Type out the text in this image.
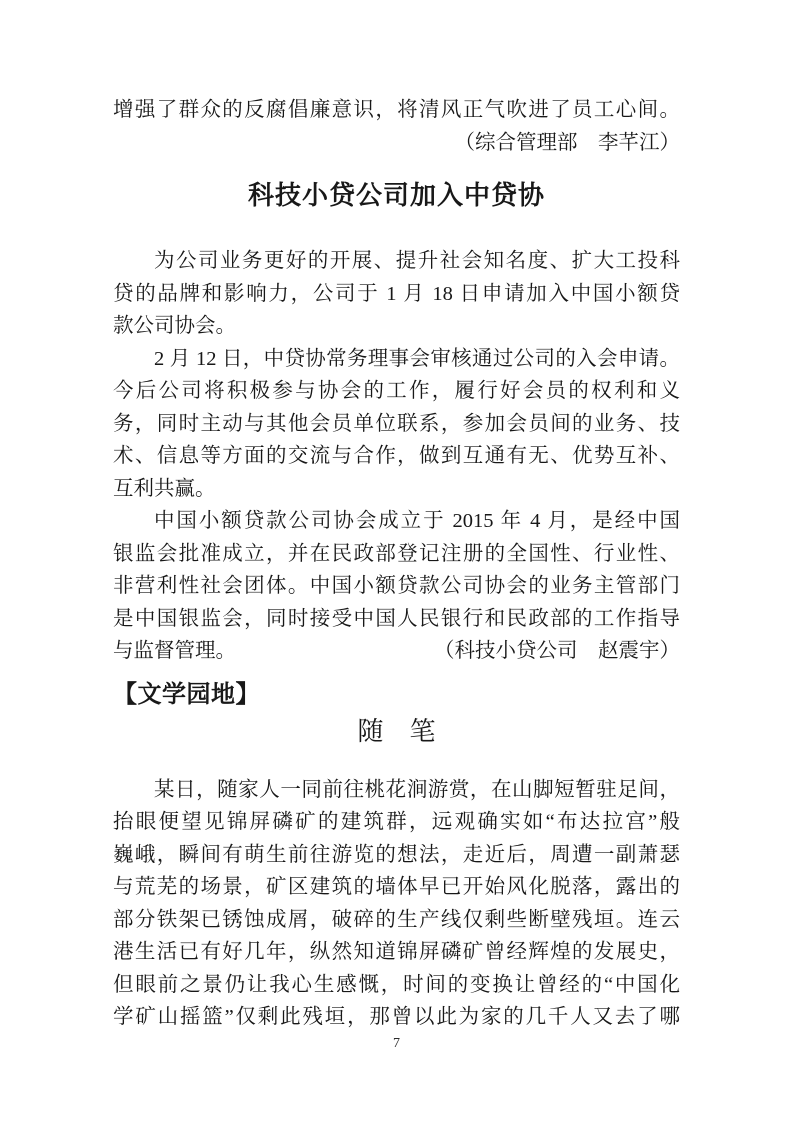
增强了群众的反腐倡廉意识，将清风正气吹进了员工心间。
（综合管理部　李芊江）
科技小贷公司加入中贷协
为公司业务更好的开展、提升社会知名度、扩大工投科
贷的品牌和影响力，公司于 1 月 18 日申请加入中国小额贷
款公司协会。
2 月 12 日，中贷协常务理事会审核通过公司的入会申请。
今后公司将积极参与协会的工作，履行好会员的权利和义
务，同时主动与其他会员单位联系，参加会员间的业务、技
术、信息等方面的交流与合作，做到互通有无、优势互补、
互利共赢。
中国小额贷款公司协会成立于 2015 年 4 月，是经中国
银监会批准成立，并在民政部登记注册的全国性、行业性、
非营利性社会团体。中国小额贷款公司协会的业务主管部门
是中国银监会，同时接受中国人民银行和民政部的工作指导
与监督管理。	（科技小贷公司　赵震宇）
【文学园地】
随　笔
某日，随家人一同前往桃花涧游赏，在山脚短暂驻足间，
抬眼便望见锦屏磷矿的建筑群，远观确实如“布达拉宫”般
巍峨，瞬间有萌生前往游览的想法，走近后，周遭一副萧瑟
与荒芜的场景，矿区建筑的墙体早已开始风化脱落，露出的
部分铁架已锈蚀成屑，破碎的生产线仅剩些断壁残垣。连云
港生活已有好几年，纵然知道锦屏磷矿曾经辉煌的发展史，
但眼前之景仍让我心生感慨，时间的变换让曾经的“中国化
学矿山摇篮”仅剩此残垣，那曾以此为家的几千人又去了哪
7
